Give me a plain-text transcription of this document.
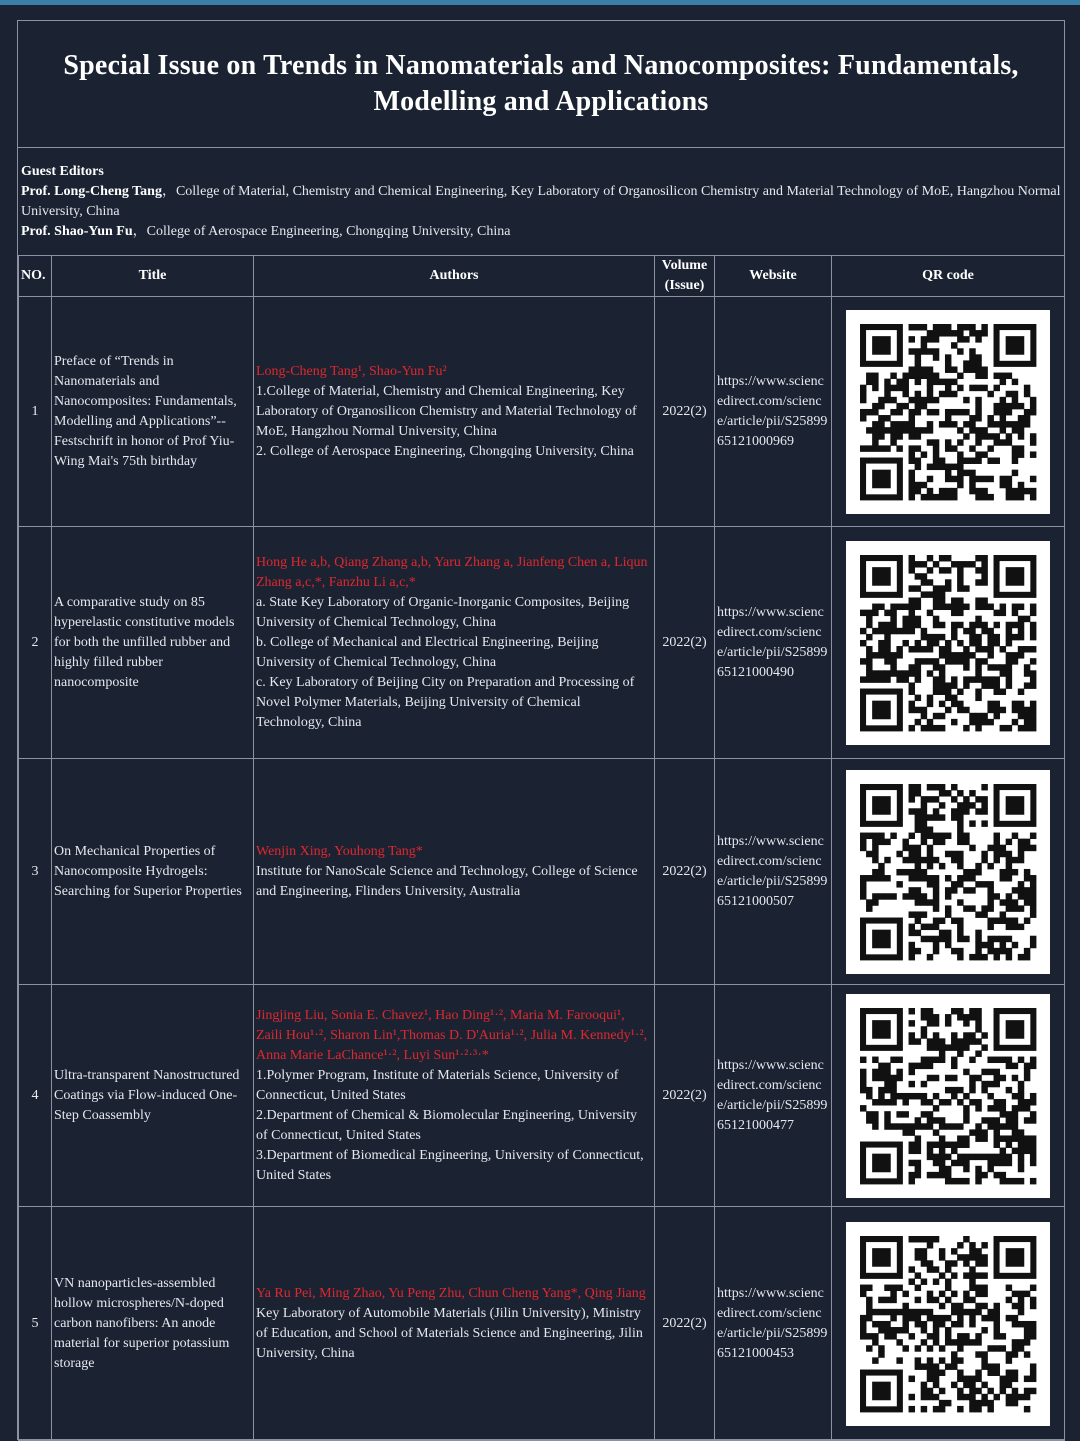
Special Issue on Trends in Nanomaterials and Nanocomposites: Fundamentals, Modelling and Applications
Guest Editors
Prof. Long-Cheng Tang，College of Material, Chemistry and Chemical Engineering, Key Laboratory of Organosilicon Chemistry and Material Technology of MoE, Hangzhou Normal University, China
Prof. Shao-Yun Fu，College of Aerospace Engineering, Chongqing University, China
NO.	Title	Authors	Volume (Issue)	Website	QR code
1	Preface of “Trends in Nanomaterials and Nanocomposites: Fundamentals, Modelling and Applications”-- Festschrift in honor of Prof Yiu-Wing Mai's 75th birthday	Long-Cheng Tang¹, Shao-Yun Fu²
1.College of Material, Chemistry and Chemical Engineering, Key Laboratory of Organosilicon Chemistry and Material Technology of MoE, Hangzhou Normal University, China
2. College of Aerospace Engineering, Chongqing University, China	2022(2)	https://www.sciencedirect.com/science/article/pii/S2589965121000969	

2	A comparative study on 85 hyperelastic constitutive models for both the unfilled rubber and highly filled rubber nanocomposite	Hong He a,b, Qiang Zhang a,b, Yaru Zhang a, Jianfeng Chen a, Liqun Zhang a,c,*, Fanzhu Li a,c,*
a. State Key Laboratory of Organic-Inorganic Composites, Beijing University of Chemical Technology, China
b. College of Mechanical and Electrical Engineering, Beijing University of Chemical Technology, China
c. Key Laboratory of Beijing City on Preparation and Processing of Novel Polymer Materials, Beijing University of Chemical Technology, China	2022(2)	https://www.sciencedirect.com/science/article/pii/S2589965121000490	

3	On Mechanical Properties of Nanocomposite Hydrogels: Searching for Superior Properties	Wenjin Xing, Youhong Tang*
Institute for NanoScale Science and Technology, College of Science and Engineering, Flinders University, Australia	2022(2)	https://www.sciencedirect.com/science/article/pii/S2589965121000507	

4	Ultra-transparent Nanostructured Coatings via Flow-induced One-Step Coassembly	Jingjing Liu, Sonia E. Chavez¹, Hao Ding¹·², Maria M. Farooqui¹, Zaili Hou¹·², Sharon Lin¹,Thomas D. D'Auria¹·², Julia M. Kennedy¹·², Anna Marie LaChance¹·², Luyi Sun¹·²·³·*
1.Polymer Program, Institute of Materials Science, University of Connecticut, United States
2.Department of Chemical & Biomolecular Engineering, University of Connecticut, United States
3.Department of Biomedical Engineering, University of Connecticut, United States	2022(2)	https://www.sciencedirect.com/science/article/pii/S2589965121000477	

5	VN nanoparticles-assembled hollow microspheres/N-doped carbon nanofibers: An anode material for superior potassium storage	Ya Ru Pei, Ming Zhao, Yu Peng Zhu, Chun Cheng Yang*, Qing Jiang
Key Laboratory of Automobile Materials (Jilin University), Ministry of Education, and School of Materials Science and Engineering, Jilin University, China	2022(2)	https://www.sciencedirect.com/science/article/pii/S2589965121000453	
